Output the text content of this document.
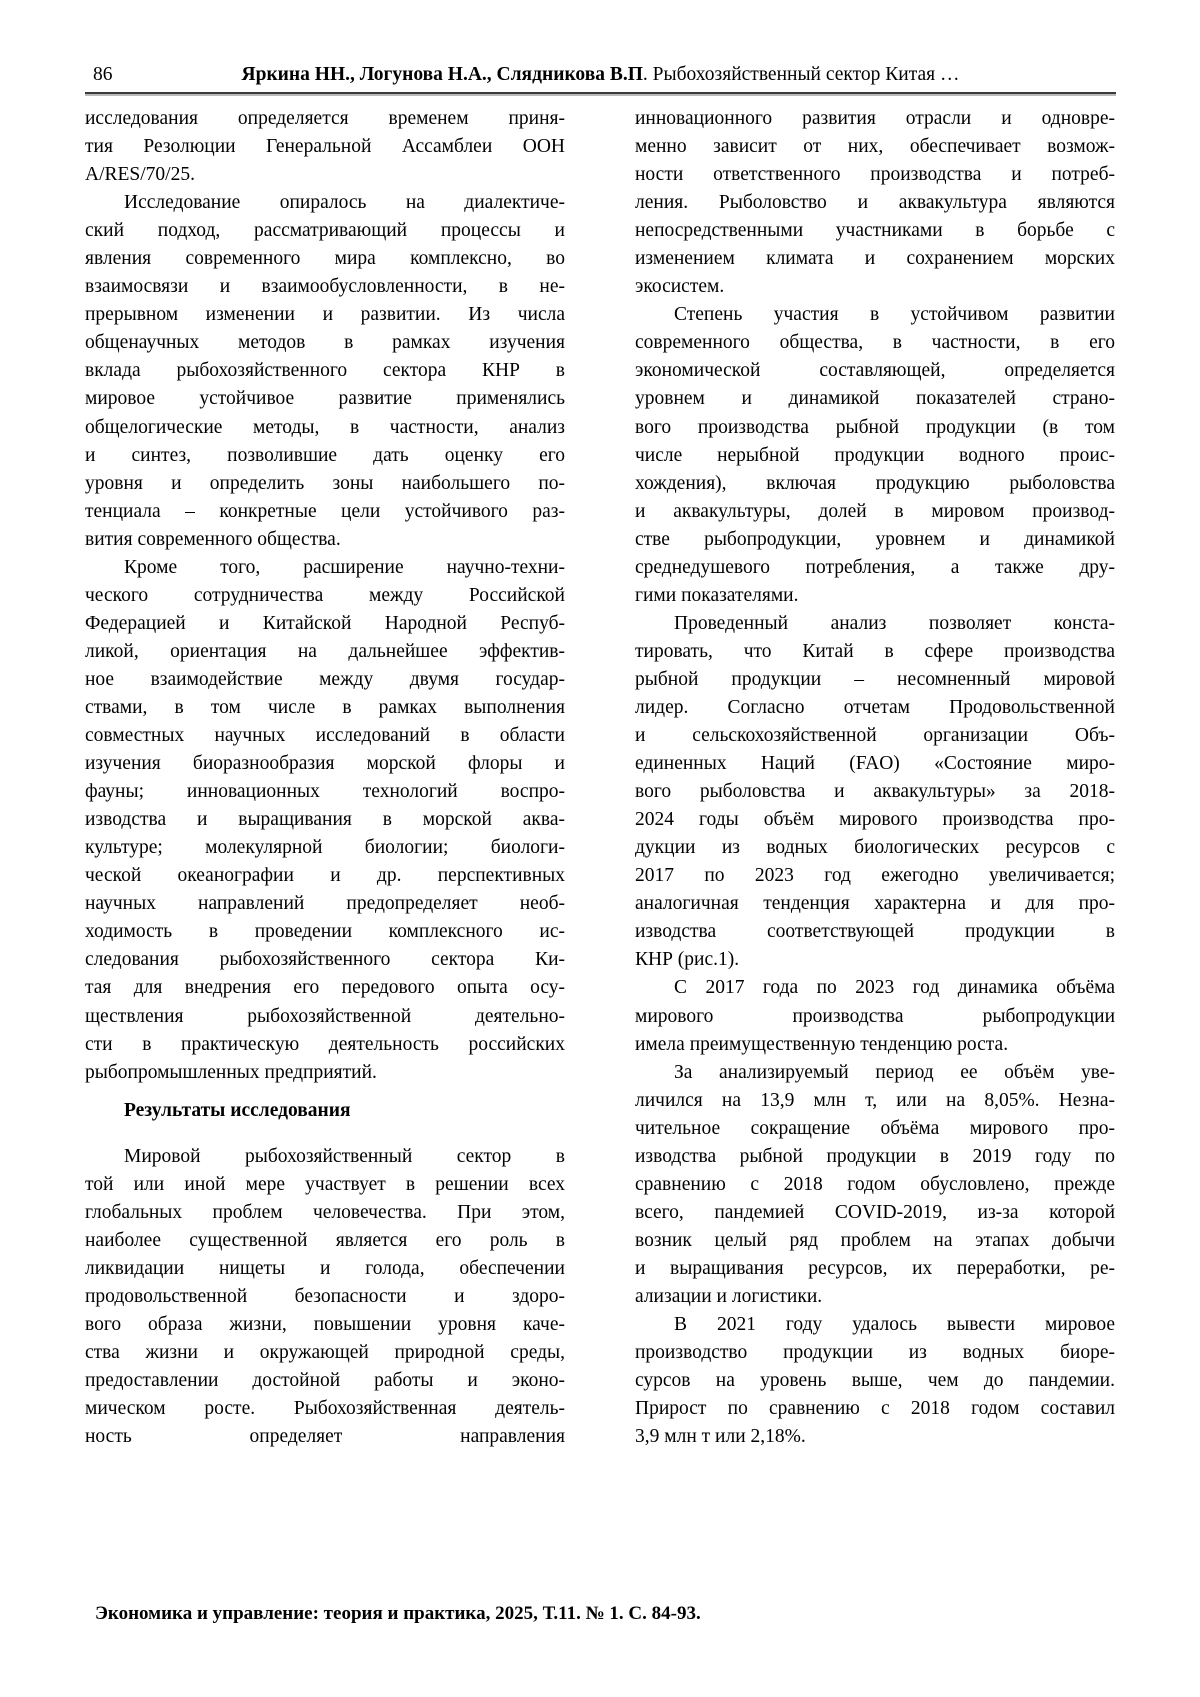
86	Яркина НН., Логунова Н.А., Слядникова В.П. Рыбохозяйственный сектор Китая …
исследования определяется временем приня-
тия Резолюции Генеральной Ассамблеи ООН
A/RES/70/25.
Исследование опиралось на диалектиче-
ский подход, рассматривающий процессы и
явления современного мира комплексно, во
взаимосвязи и взаимообусловленности, в не-
прерывном изменении и развитии. Из числа
общенаучных методов в рамках изучения
вклада рыбохозяйственного сектора КНР в
мировое устойчивое развитие применялись
общелогические методы, в частности, анализ
и синтез, позволившие дать оценку его
уровня и определить зоны наибольшего по-
тенциала – конкретные цели устойчивого раз-
вития современного общества.
Кроме того, расширение научно-техни-
ческого сотрудничества между Российской
Федерацией и Китайской Народной Респуб-
ликой, ориентация на дальнейшее эффектив-
ное взаимодействие между двумя государ-
ствами, в том числе в рамках выполнения
совместных научных исследований в области
изучения биоразнообразия морской флоры и
фауны; инновационных технологий воспро-
изводства и выращивания в морской аква-
культуре; молекулярной биологии; биологи-
ческой океанографии и др. перспективных
научных направлений предопределяет необ-
ходимость в проведении комплексного ис-
следования рыбохозяйственного сектора Ки-
тая для внедрения его передового опыта осу-
ществления рыбохозяйственной деятельно-
сти в практическую деятельность российских
рыбопромышленных предприятий.
Результаты исследования
Мировой рыбохозяйственный сектор в
той или иной мере участвует в решении всех
глобальных проблем человечества. При этом,
наиболее существенной является его роль в
ликвидации нищеты и голода, обеспечении
продовольственной безопасности и здоро-
вого образа жизни, повышении уровня каче-
ства жизни и окружающей природной среды,
предоставлении достойной работы и эконо-
мическом росте. Рыбохозяйственная деятель-
ность определяет направления
инновационного развития отрасли и одновре-
менно зависит от них, обеспечивает возмож-
ности ответственного производства и потреб-
ления. Рыболовство и аквакультура являются
непосредственными участниками в борьбе с
изменением климата и сохранением морских
экосистем.
Степень участия в устойчивом развитии
современного общества, в частности, в его
экономической составляющей, определяется
уровнем и динамикой показателей страно-
вого производства рыбной продукции (в том
числе нерыбной продукции водного проис-
хождения), включая продукцию рыболовства
и аквакультуры, долей в мировом производ-
стве рыбопродукции, уровнем и динамикой
среднедушевого потребления, а также дру-
гими показателями.
Проведенный анализ позволяет конста-
тировать, что Китай в сфере производства
рыбной продукции – несомненный мировой
лидер. Согласно отчетам Продовольственной
и сельскохозяйственной организации Объ-
единенных Наций (FAO) «Состояние миро-
вого рыболовства и аквакультуры» за 2018-
2024 годы объём мирового производства про-
дукции из водных биологических ресурсов с
2017 по 2023 год ежегодно увеличивается;
аналогичная тенденция характерна и для про-
изводства соответствующей продукции в
КНР (рис.1).
С 2017 года по 2023 год динамика объёма
мирового производства рыбопродукции
имела преимущественную тенденцию роста.
За анализируемый период ее объём уве-
личился на 13,9 млн т, или на 8,05%. Незна-
чительное сокращение объёма мирового про-
изводства рыбной продукции в 2019 году по
сравнению с 2018 годом обусловлено, прежде
всего, пандемией COVID-2019, из-за которой
возник целый ряд проблем на этапах добычи
и выращивания ресурсов, их переработки, ре-
ализации и логистики.
В 2021 году удалось вывести мировое
производство продукции из водных биоре-
сурсов на уровень выше, чем до пандемии.
Прирост по сравнению с 2018 годом составил
3,9 млн т или 2,18%.
Экономика и управление: теория и практика, 2025, Т.11. № 1. С. 84-93.
